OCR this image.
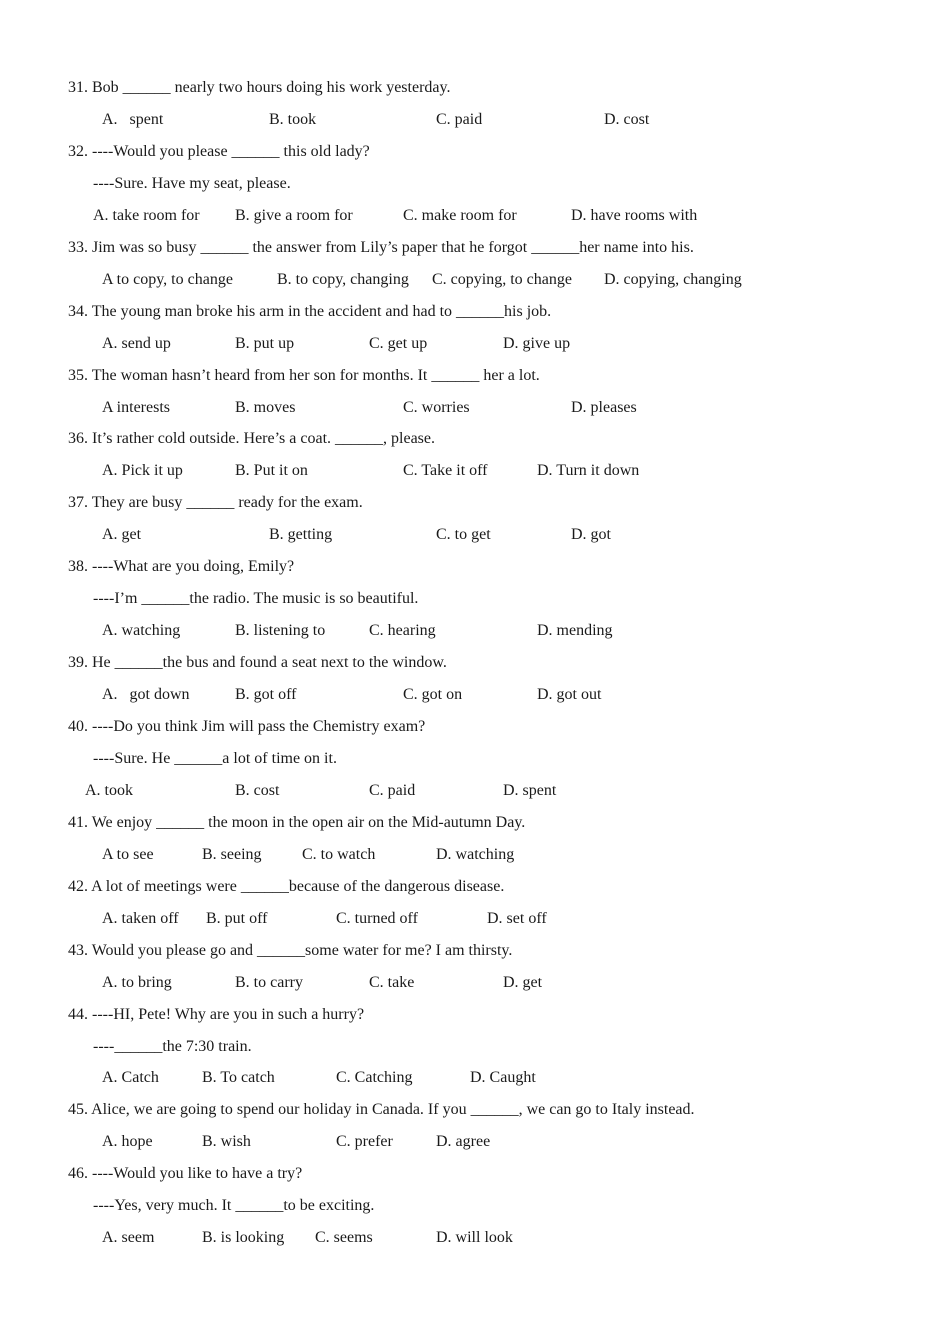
31. Bob ______ nearly two hours doing his work yesterday.
A.   spent	B. took	C. paid	D. cost
32. ----Would you please ______ this old lady?
----Sure. Have my seat, please.
A. take room for B. give a room for	C. make room for	D. have rooms with
33. Jim was so busy ______ the answer from Lily’s paper that he forgot ______her name into his.
A to copy, to change	B. to copy, changing C. copying, to change D. copying, changing
34. The young man broke his arm in the accident and had to ______his job.
A. send up	B. put up	C. get up	D. give up
35. The woman hasn’t heard from her son for months. It ______ her a lot.
A interests	B. moves	C. worries	D. pleases
36. It’s rather cold outside. Here’s a coat. ______, please.
A. Pick it up	B. Put it on	C. Take it off	D. Turn it down
37. They are busy ______ ready for the exam.
A. get	B. getting	C. to get	D. got
38. ----What are you doing, Emily?
----I’m ______the radio. The music is so beautiful.
A. watching	B. listening to	C. hearing	D. mending
39. He ______the bus and found a seat next to the window.
A.   got down	B. got off	C. got on	D. got out
40. ----Do you think Jim will pass the Chemistry exam?
----Sure. He ______a lot of time on it.
A. took	B. cost	C. paid	D. spent
41. We enjoy ______ the moon in the open air on the Mid-autumn Day.
A to see	B. seeing	C. to watch	D. watching
42. A lot of meetings were ______because of the dangerous disease.
A. taken off B. put off	C. turned off	D. set off
43. Would you please go and ______some water for me? I am thirsty.
A. to bring	B. to carry	C. take	D. get
44. ----HI, Pete! Why are you in such a hurry?
----______the 7:30 train.
A. Catch	B. To catch	C. Catching	D. Caught
45. Alice, we are going to spend our holiday in Canada. If you ______, we can go to Italy instead.
A. hope	B. wish	C. prefer	D. agree
46. ----Would you like to have a try?
----Yes, very much. It ______to be exciting.
A. seem	B. is looking C. seems	D. will look
